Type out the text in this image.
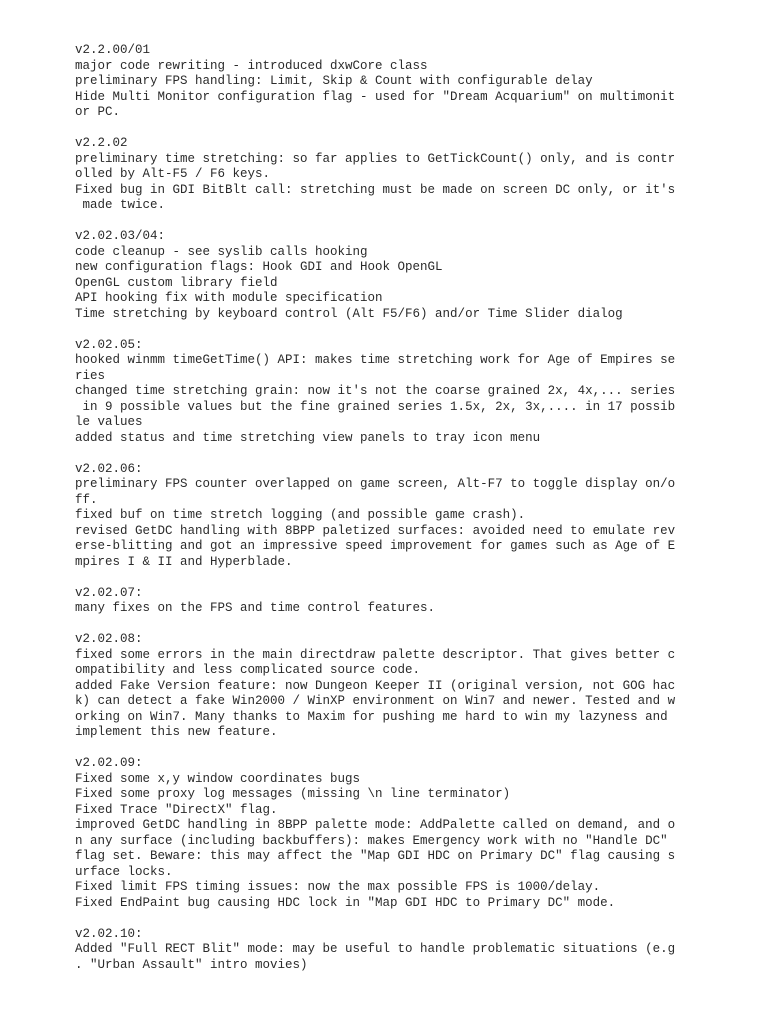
v2.2.00/01
major code rewriting - introduced dxwCore class
preliminary FPS handling: Limit, Skip & Count with configurable delay
Hide Multi Monitor configuration flag - used for "Dream Acquarium" on multimonit
or PC.
v2.2.02
preliminary time stretching: so far applies to GetTickCount() only, and is contr
olled by Alt-F5 / F6 keys.
Fixed bug in GDI BitBlt call: stretching must be made on screen DC only, or it's
made twice.
v2.02.03/04:
code cleanup - see syslib calls hooking
new configuration flags: Hook GDI and Hook OpenGL
OpenGL custom library field
API hooking fix with module specification
Time stretching by keyboard control (Alt F5/F6) and/or Time Slider dialog
v2.02.05:
hooked winmm timeGetTime() API: makes time stretching work for Age of Empires se
ries
changed time stretching grain: now it's not the coarse grained 2x, 4x,... series
in 9 possible values but the fine grained series 1.5x, 2x, 3x,.... in 17 possib
le values
added status and time stretching view panels to tray icon menu
v2.02.06:
preliminary FPS counter overlapped on game screen, Alt-F7 to toggle display on/o
ff.
fixed buf on time stretch logging (and possible game crash).
revised GetDC handling with 8BPP paletized surfaces: avoided need to emulate rev
erse-blitting and got an impressive speed improvement for games such as Age of E
mpires I & II and Hyperblade.
v2.02.07:
many fixes on the FPS and time control features.
v2.02.08:
fixed some errors in the main directdraw palette descriptor. That gives better c
ompatibility and less complicated source code.
added Fake Version feature: now Dungeon Keeper II (original version, not GOG hac
k) can detect a fake Win2000 / WinXP environment on Win7 and newer. Tested and w
orking on Win7. Many thanks to Maxim for pushing me hard to win my lazyness and
implement this new feature.
v2.02.09:
Fixed some x,y window coordinates bugs
Fixed some proxy log messages (missing \n line terminator)
Fixed Trace "DirectX" flag.
improved GetDC handling in 8BPP palette mode: AddPalette called on demand, and o
n any surface (including backbuffers): makes Emergency work with no "Handle DC"
flag set. Beware: this may affect the "Map GDI HDC on Primary DC" flag causing s
urface locks.
Fixed limit FPS timing issues: now the max possible FPS is 1000/delay.
Fixed EndPaint bug causing HDC lock in "Map GDI HDC to Primary DC" mode.
v2.02.10:
Added "Full RECT Blit" mode: may be useful to handle problematic situations (e.g
. "Urban Assault" intro movies)
